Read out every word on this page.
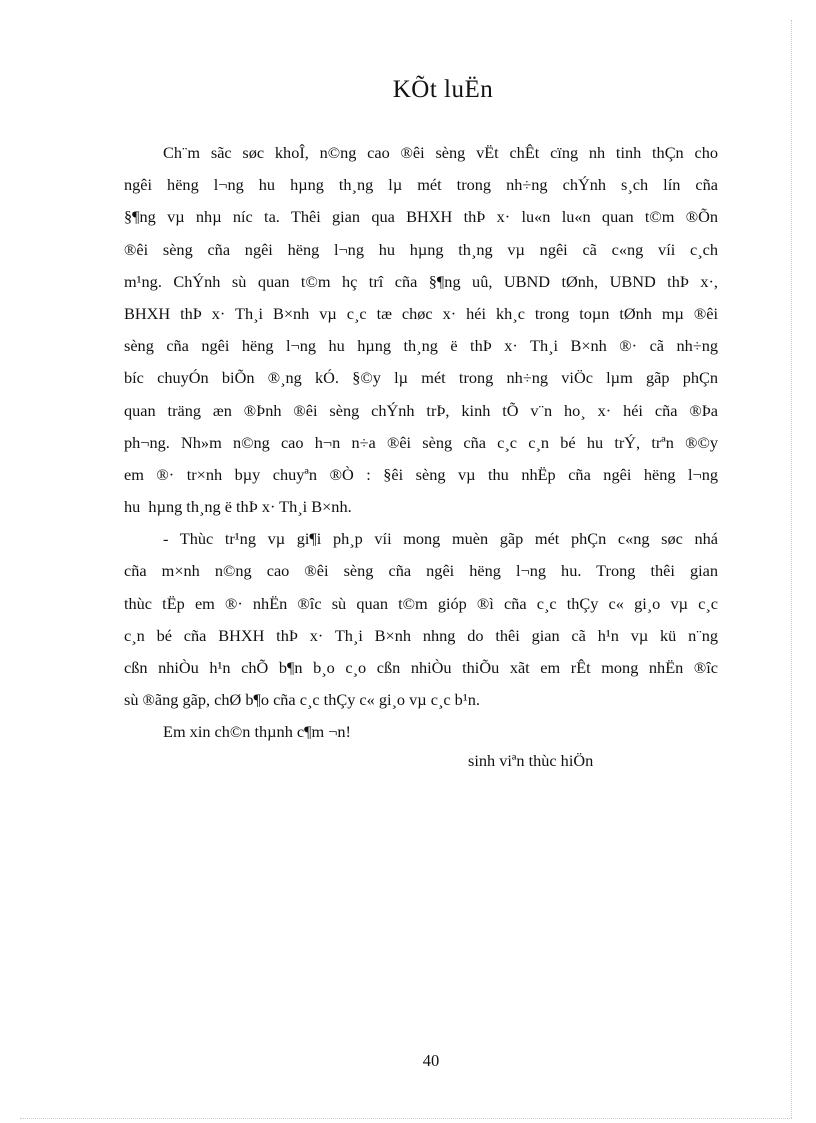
KÕt luËn
Ch¨m sãc søc khoÎ, n©ng cao ®êi sèng vËt chÊt cïng nh tinh thÇn cho
ngêi hëng l¬ng hu hµng th¸ng lµ mét trong nh÷ng chÝnh s¸ch lín cña
§¶ng vµ nhµ níc ta. Thêi gian qua BHXH thÞ x· lu«n lu«n quan t©m ®Õn
®êi sèng cña ngêi hëng l¬ng hu hµng th¸ng vµ ngêi cã c«ng víi c¸ch
m¹ng. ChÝnh sù quan t©m hç trî cña §¶ng uû, UBND tØnh, UBND thÞ x·,
BHXH thÞ x· Th¸i B×nh vµ c¸c tæ chøc x· héi kh¸c trong toµn tØnh mµ ®êi
sèng cña ngêi hëng l¬ng hu hµng th¸ng ë thÞ x· Th¸i B×nh ®· cã nh÷ng
bíc chuyÓn biÕn ®¸ng kÓ. §©y lµ mét trong nh÷ng viÖc lµm gãp phÇn
quan träng æn ®Þnh ®êi sèng chÝnh trÞ, kinh tÕ v¨n ho¸ x· héi cña ®Þa
ph¬ng. Nh»m n©ng cao h¬n n÷a ®êi sèng cña c¸c c¸n bé hu trÝ, trªn ®©y
em ®· tr×nh bµy chuyªn ®Ò : §êi sèng vµ thu nhËp cña ngêi hëng l¬ng
hu  hµng th¸ng ë thÞ x· Th¸i B×nh.
- Thùc tr¹ng vµ gi¶i ph¸p víi mong muèn gãp mét phÇn c«ng søc nhá
cña m×nh n©ng cao ®êi sèng cña ngêi hëng l¬ng hu. Trong thêi gian
thùc tËp em ®· nhËn ®îc sù quan t©m gióp ®ì cña c¸c thÇy c« gi¸o vµ c¸c
c¸n bé cña BHXH thÞ x· Th¸i B×nh nhng do thêi gian cã h¹n vµ kü n¨ng
cßn nhiÒu h¹n chÕ b¶n b¸o c¸o cßn nhiÒu thiÕu xãt em rÊt mong nhËn ®îc
sù ®ãng gãp, chØ b¶o cña c¸c thÇy c« gi¸o vµ c¸c b¹n.
Em xin ch©n thµnh c¶m ¬n!
sinh viªn thùc hiÖn
40
